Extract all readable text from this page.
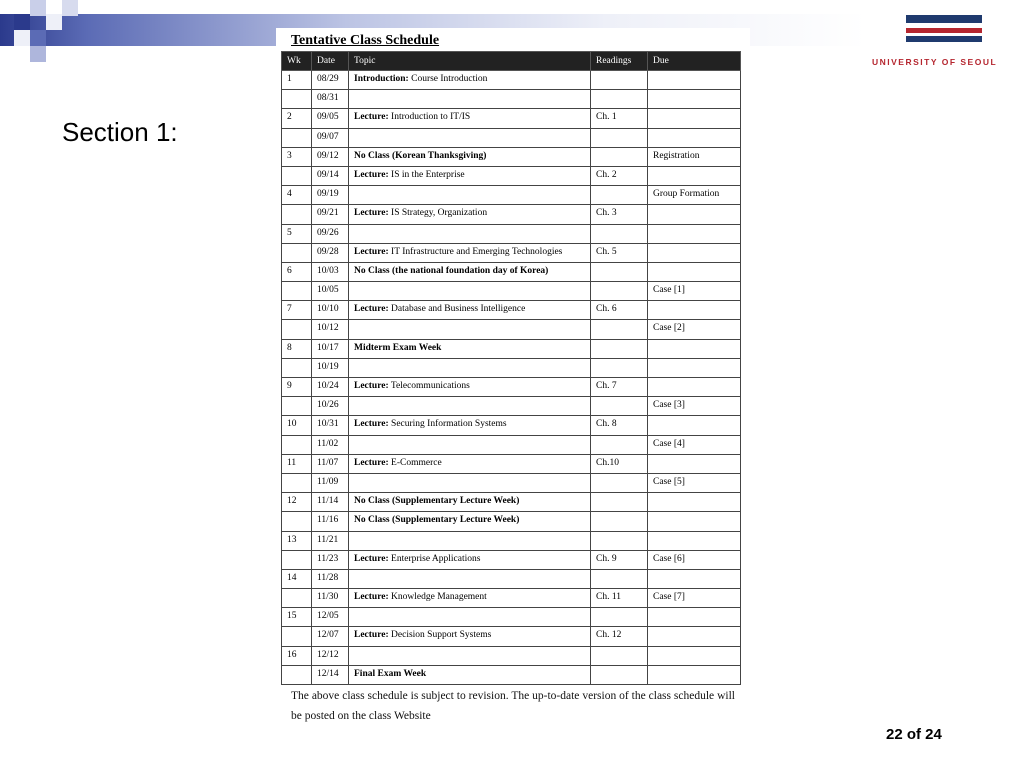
UNIVERSITY OF SEOUL
Section 1:
Tentative Class Schedule
Wk	Date	Topic	Readings	Due
1	08/29	Introduction: Course Introduction		
	08/31			
2	09/05	Lecture: Introduction to IT/IS	Ch. 1	
	09/07			
3	09/12	No Class (Korean Thanksgiving)		Registration
	09/14	Lecture: IS in the Enterprise	Ch. 2	
4	09/19			Group Formation
	09/21	Lecture: IS Strategy, Organization	Ch. 3	
5	09/26			
	09/28	Lecture: IT Infrastructure and Emerging Technologies	Ch. 5	
6	10/03	No Class (the national foundation day of Korea)		
	10/05			Case [1]
7	10/10	Lecture: Database and Business Intelligence	Ch. 6	
	10/12			Case [2]
8	10/17	Midterm Exam Week		
	10/19			
9	10/24	Lecture: Telecommunications	Ch. 7	
	10/26			Case [3]
10	10/31	Lecture: Securing Information Systems	Ch. 8	
	11/02			Case [4]
11	11/07	Lecture: E-Commerce	Ch.10	
	11/09			Case [5]
12	11/14	No Class (Supplementary Lecture Week)		
	11/16	No Class (Supplementary Lecture Week)		
13	11/21			
	11/23	Lecture: Enterprise Applications	Ch. 9	Case [6]
14	11/28			
	11/30	Lecture: Knowledge Management	Ch. 11	Case [7]
15	12/05			
	12/07	Lecture: Decision Support Systems	Ch. 12	
16	12/12			
	12/14	Final Exam Week		
The above class schedule is subject to revision. The up-to-date version of the class schedule will be posted on the class Website
22 of 24
